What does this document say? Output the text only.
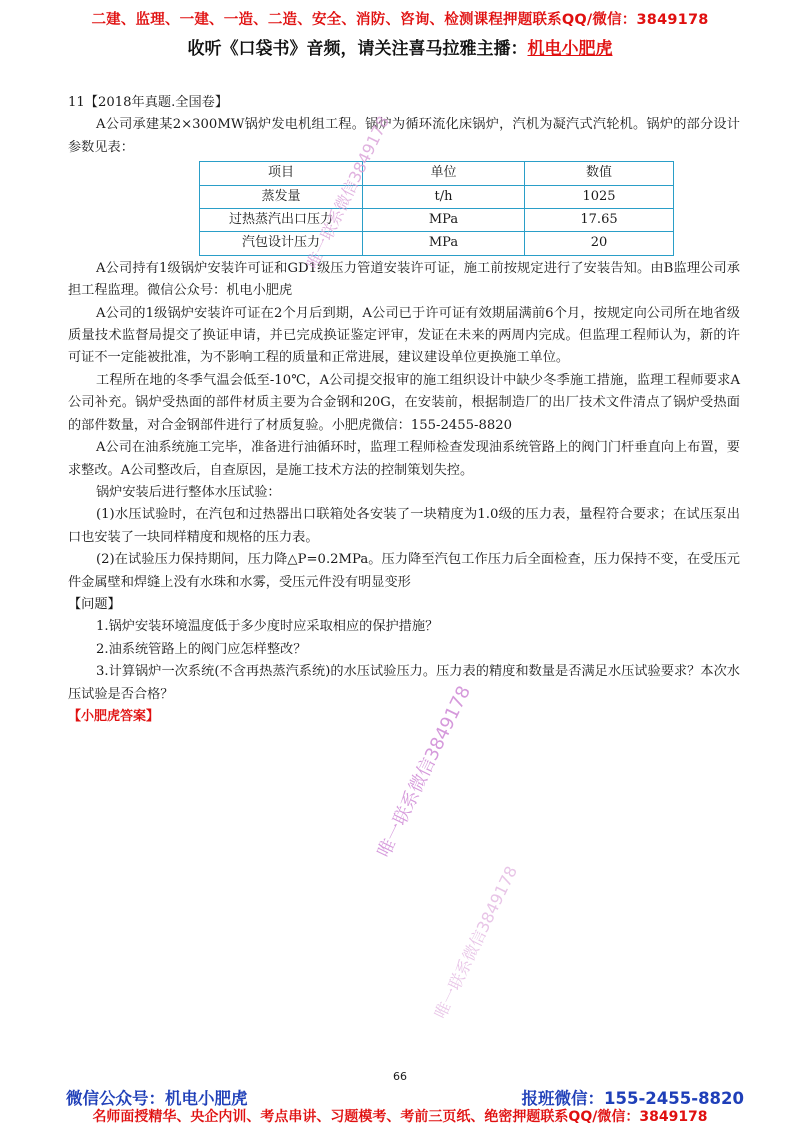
二建、监理、一建、一造、二造、安全、消防、咨询、检测课程押题联系QQ/微信：3849178
收听《口袋书》音频，请关注喜马拉雅主播：机电小肥虎

11【2018年真题.全国卷】

A公司承建某2×300MW锅炉发电机组工程。锅炉为循环流化床锅炉，汽机为凝汽式汽轮机。锅炉的部分设计参数见表：

项目	单位	数值
蒸发量	t/h	1025
过热蒸汽出口压力	MPa	17.65
汽包设计压力	MPa	20

A公司持有1级锅炉安装许可证和GD1级压力管道安装许可证，施工前按规定进行了安装告知。由B监理公司承担工程监理。微信公众号：机电小肥虎

A公司的1级锅炉安装许可证在2个月后到期，A公司已于许可证有效期届满前6个月，按规定向公司所在地省级质量技术监督局提交了换证申请，并已完成换证鉴定评审，发证在未来的两周内完成。但监理工程师认为，新的许可证不一定能被批准，为不影响工程的质量和正常进展，建议建设单位更换施工单位。

工程所在地的冬季气温会低至-10℃，A公司提交报审的施工组织设计中缺少冬季施工措施，监理工程师要求A公司补充。锅炉受热面的部件材质主要为合金钢和20G，在安装前，根据制造厂的出厂技术文件清点了锅炉受热面的部件数量，对合金钢部件进行了材质复验。小肥虎微信：155-2455-8820

A公司在油系统施工完毕，准备进行油循环时，监理工程师检查发现油系统管路上的阀门门杆垂直向上布置，要求整改。A公司整改后，自查原因，是施工技术方法的控制策划失控。

锅炉安装后进行整体水压试验：

(1)水压试验时，在汽包和过热器出口联箱处各安装了一块精度为1.0级的压力表，量程符合要求；在试压泵出口也安装了一块同样精度和规格的压力表。

(2)在试验压力保持期间，压力降△P=0.2MPa。压力降至汽包工作压力后全面检查，压力保持不变，在受压元件金属壁和焊缝上没有水珠和水雾，受压元件没有明显变形

【问题】

1.锅炉安装环境温度低于多少度时应采取相应的保护措施？

2.油系统管路上的阀门应怎样整改？

3.计算锅炉一次系统(不含再热蒸汽系统)的水压试验压力。压力表的精度和数量是否满足水压试验要求？本次水压试验是否合格？

【小肥虎答案】

唯一联系微信3849178
唯一联系微信3849178
唯一联系微信3849178
66
微信公众号：机电小肥虎	报班微信：155-2455-8820
名师面授精华、央企内训、考点串讲、习题模考、考前三页纸、绝密押题联系QQ/微信：3849178
